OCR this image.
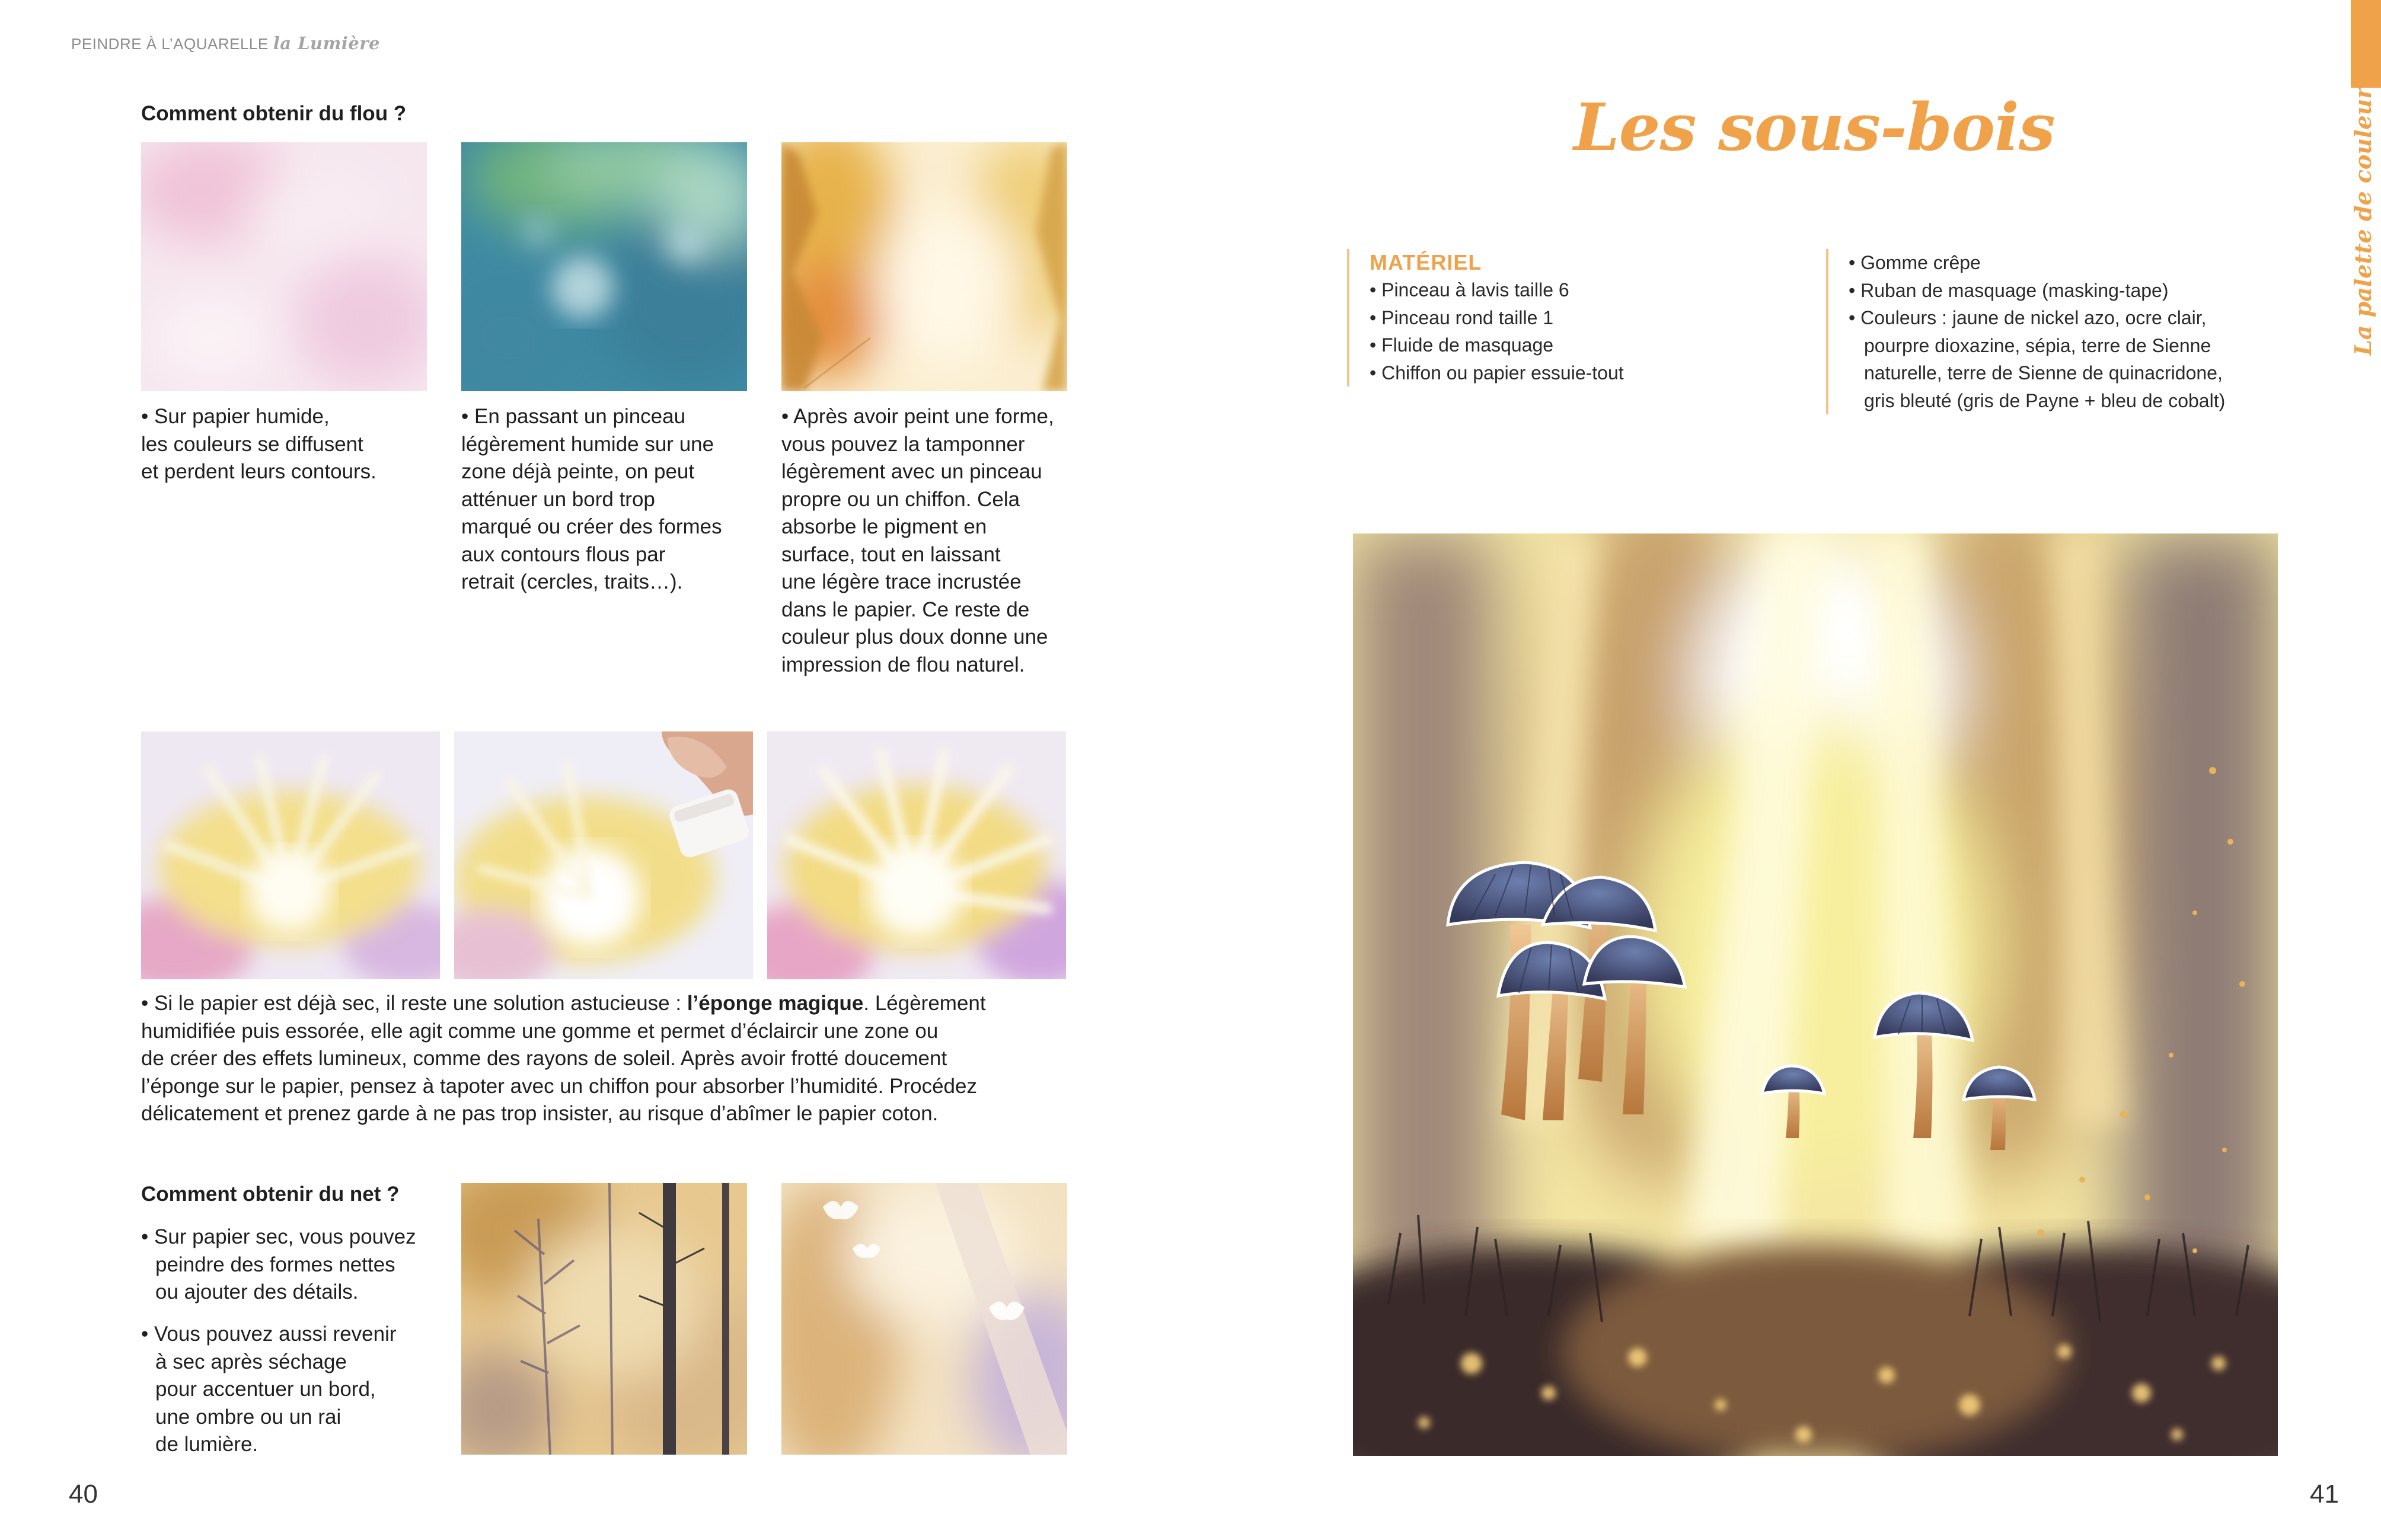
PEINDRE À L’AQUARELLE la Lumière
Comment obtenir du flou ?

• Sur papier humide,

les couleurs se diffusent

et perdent leurs contours.

• En passant un pinceau

légèrement humide sur une

zone déjà peinte, on peut

atténuer un bord trop

marqué ou créer des formes

aux contours flous par

retrait (cercles, traits…).

• Après avoir peint une forme,

vous pouvez la tamponner

légèrement avec un pinceau

propre ou un chiffon. Cela

absorbe le pigment en

surface, tout en laissant

une légère trace incrustée

dans le papier. Ce reste de

couleur plus doux donne une

impression de flou naturel.

• Si le papier est déjà sec, il reste une solution astucieuse : l’éponge magique. Légèrement

humidifiée puis essorée, elle agit comme une gomme et permet d’éclaircir une zone ou

de créer des effets lumineux, comme des rayons de soleil. Après avoir frotté doucement

l’éponge sur le papier, pensez à tapoter avec un chiffon pour absorber l’humidité. Procédez

délicatement et prenez garde à ne pas trop insister, au risque d’abîmer le papier coton.

Comment obtenir du net ?

• Sur papier sec, vous pouvez

peindre des formes nettes

ou ajouter des détails.

• Vous pouvez aussi revenir

à sec après séchage

pour accentuer un bord,

une ombre ou un rai

de lumière.

40
La palette de couleurs
Les sous-bois
MATÉRIEL
• Pinceau à lavis taille 6
• Pinceau rond taille 1
• Fluide de masquage
• Chiffon ou papier essuie-tout
• Gomme crêpe
• Ruban de masquage (masking-tape)
• Couleurs : jaune de nickel azo, ocre clair,
pourpre dioxazine, sépia, terre de Sienne
naturelle, terre de Sienne de quinacridone,
gris bleuté (gris de Payne + bleu de cobalt)
41
